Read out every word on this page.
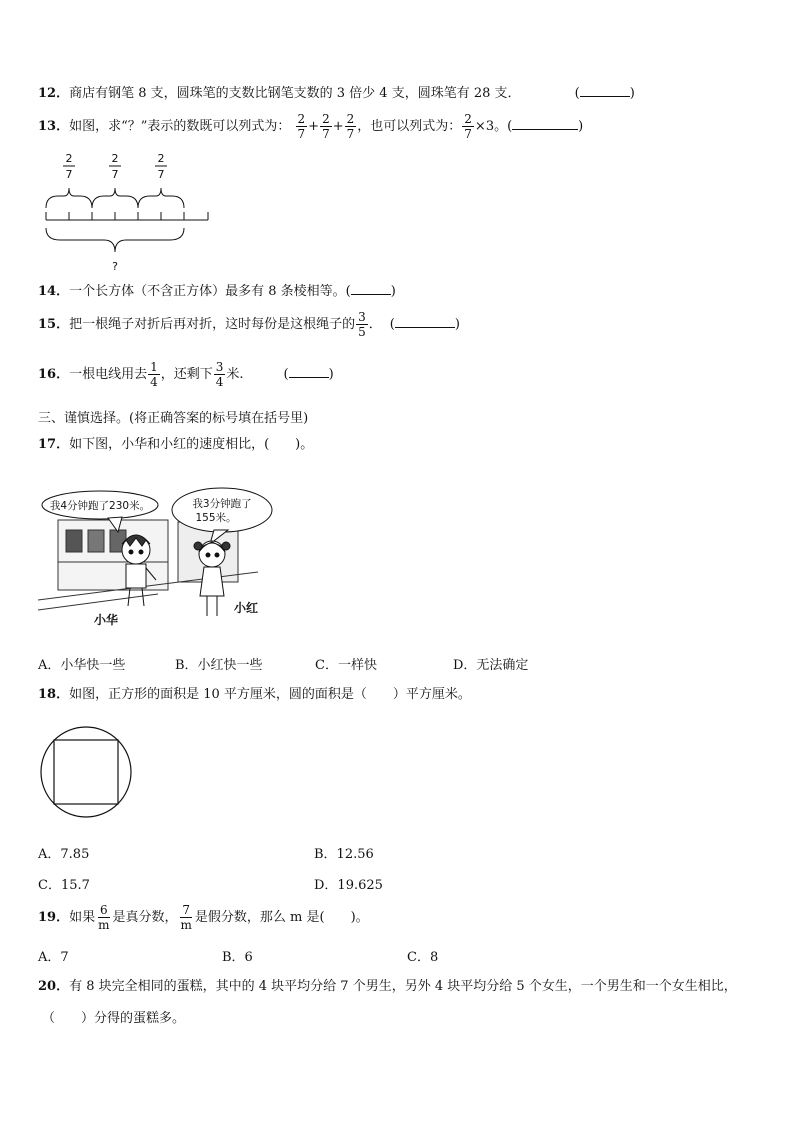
12．商店有钢笔 8 支，圆珠笔的支数比钢笔支数的 3 倍少 4 支，圆珠笔有 28 支．	(	)
13．如图，求“？”表示的数既可以列式为： $\frac{2}{7} + \frac{2}{7} + \frac{2}{7}$ ，也可以列式为： $\frac{2}{7} \times 3$。(	)
2
7
2
7
2
7
?
14．一个长方体（不含正方体）最多有 8 条棱相等。(	)
15．把一根绳子对折后再对折，这时每份是这根绳子的 $\frac{3}{5}$ ． (	)
16．一根电线用去 $\frac{1}{4}$ ，还剩下 $\frac{3}{4}$ 米.	(	)
三、谨慎选择。(将正确答案的标号填在括号里)
17．如下图，小华和小红的速度相比，(　　)。
我4分钟跑了230米。	我3分钟跑了
155米。
小华
小红
A．小华快一些	B．小红快一些	C．一样快	D．无法确定
18．如图，正方形的面积是 10 平方厘米，圆的面积是（　　）平方厘米。
A．7.85	B．12.56
C．15.7	D．19.625
19．如果 $\frac{6}{m}$ 是真分数， $\frac{7}{m}$ 是假分数，那么 m 是(　　)。
A．7	B．6	C．8
20．有 8 块完全相同的蛋糕，其中的 4 块平均分给 7 个男生，另外 4 块平均分给 5 个女生，一个男生和一个女生相比，
（　　）分得的蛋糕多。
